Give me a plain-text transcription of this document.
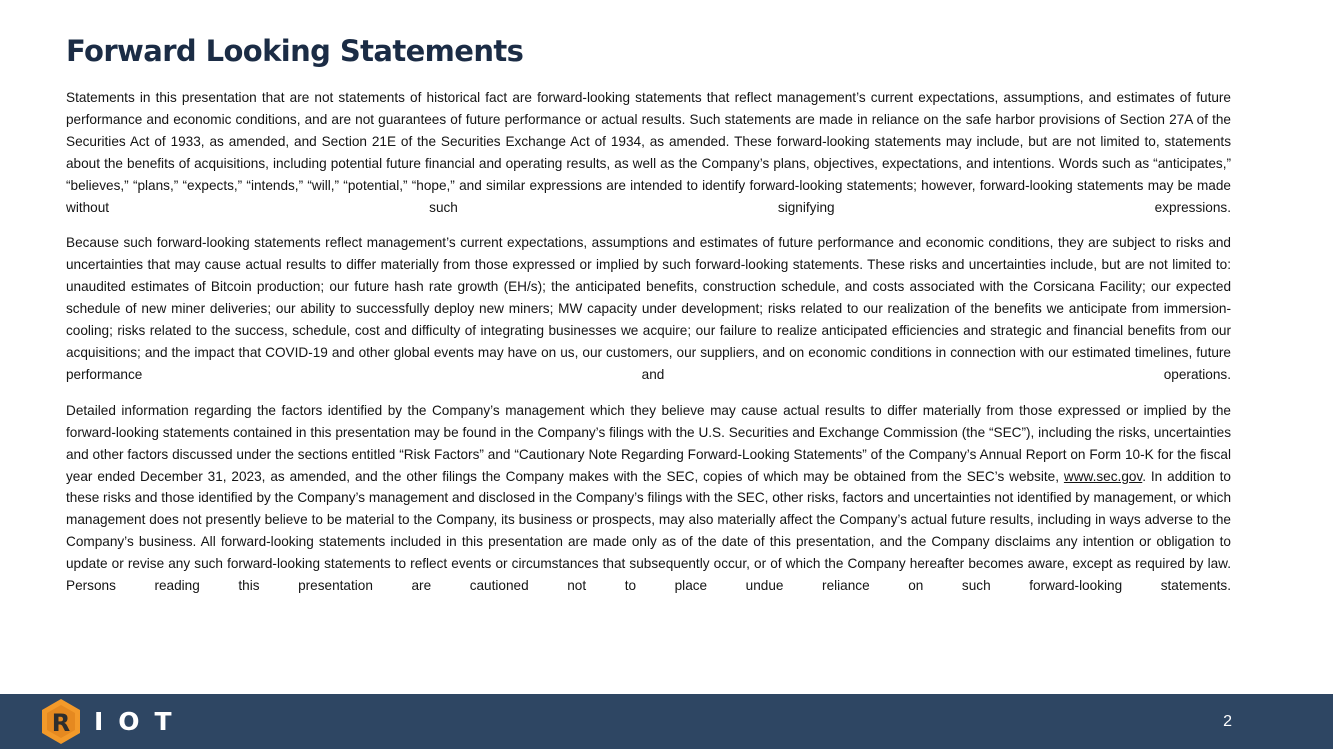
Forward Looking Statements

Statements in this presentation that are not statements of historical fact are forward-looking statements that reflect management’s current expectations, assumptions, and estimates of future performance and economic conditions, and are not guarantees of future performance or actual results. Such statements are made in reliance on the safe harbor provisions of Section 27A of the Securities Act of 1933, as amended, and Section 21E of the Securities Exchange Act of 1934, as amended. These forward-looking statements may include, but are not limited to, statements about the benefits of acquisitions, including potential future financial and operating results, as well as the Company’s plans, objectives, expectations, and intentions. Words such as “anticipates,” “believes,” “plans,” “expects,” “intends,” “will,” “potential,” “hope,” and similar expressions are intended to identify forward-looking statements; however, forward-looking statements may be made without such signifying expressions.

Because such forward-looking statements reflect management’s current expectations, assumptions and estimates of future performance and economic conditions, they are subject to risks and uncertainties that may cause actual results to differ materially from those expressed or implied by such forward-looking statements. These risks and uncertainties include, but are not limited to: unaudited estimates of Bitcoin production; our future hash rate growth (EH/s); the anticipated benefits, construction schedule, and costs associated with the Corsicana Facility; our expected schedule of new miner deliveries; our ability to successfully deploy new miners; MW capacity under development; risks related to our realization of the benefits we anticipate from immersion-cooling; risks related to the success, schedule, cost and difficulty of integrating businesses we acquire; our failure to realize anticipated efficiencies and strategic and financial benefits from our acquisitions; and the impact that COVID-19 and other global events may have on us, our customers, our suppliers, and on economic conditions in connection with our estimated timelines, future performance and operations.

Detailed information regarding the factors identified by the Company’s management which they believe may cause actual results to differ materially from those expressed or implied by the forward-looking statements contained in this presentation may be found in the Company’s filings with the U.S. Securities and Exchange Commission (the “SEC”), including the risks, uncertainties and other factors discussed under the sections entitled “Risk Factors” and “Cautionary Note Regarding Forward-Looking Statements” of the Company’s Annual Report on Form 10-K for the fiscal year ended December 31, 2023, as amended, and the other filings the Company makes with the SEC, copies of which may be obtained from the SEC’s website, www.sec.gov. In addition to these risks and those identified by the Company’s management and disclosed in the Company’s filings with the SEC, other risks, factors and uncertainties not identified by management, or which management does not presently believe to be material to the Company, its business or prospects, may also materially affect the Company’s actual future results, including in ways adverse to the Company’s business. All forward-looking statements included in this presentation are made only as of the date of this presentation, and the Company disclaims any intention or obligation to update or revise any such forward-looking statements to reflect events or circumstances that subsequently occur, or of which the Company hereafter becomes aware, except as required by law. Persons reading this presentation are cautioned not to place undue reliance on such forward-looking statements.

R IOT	2
